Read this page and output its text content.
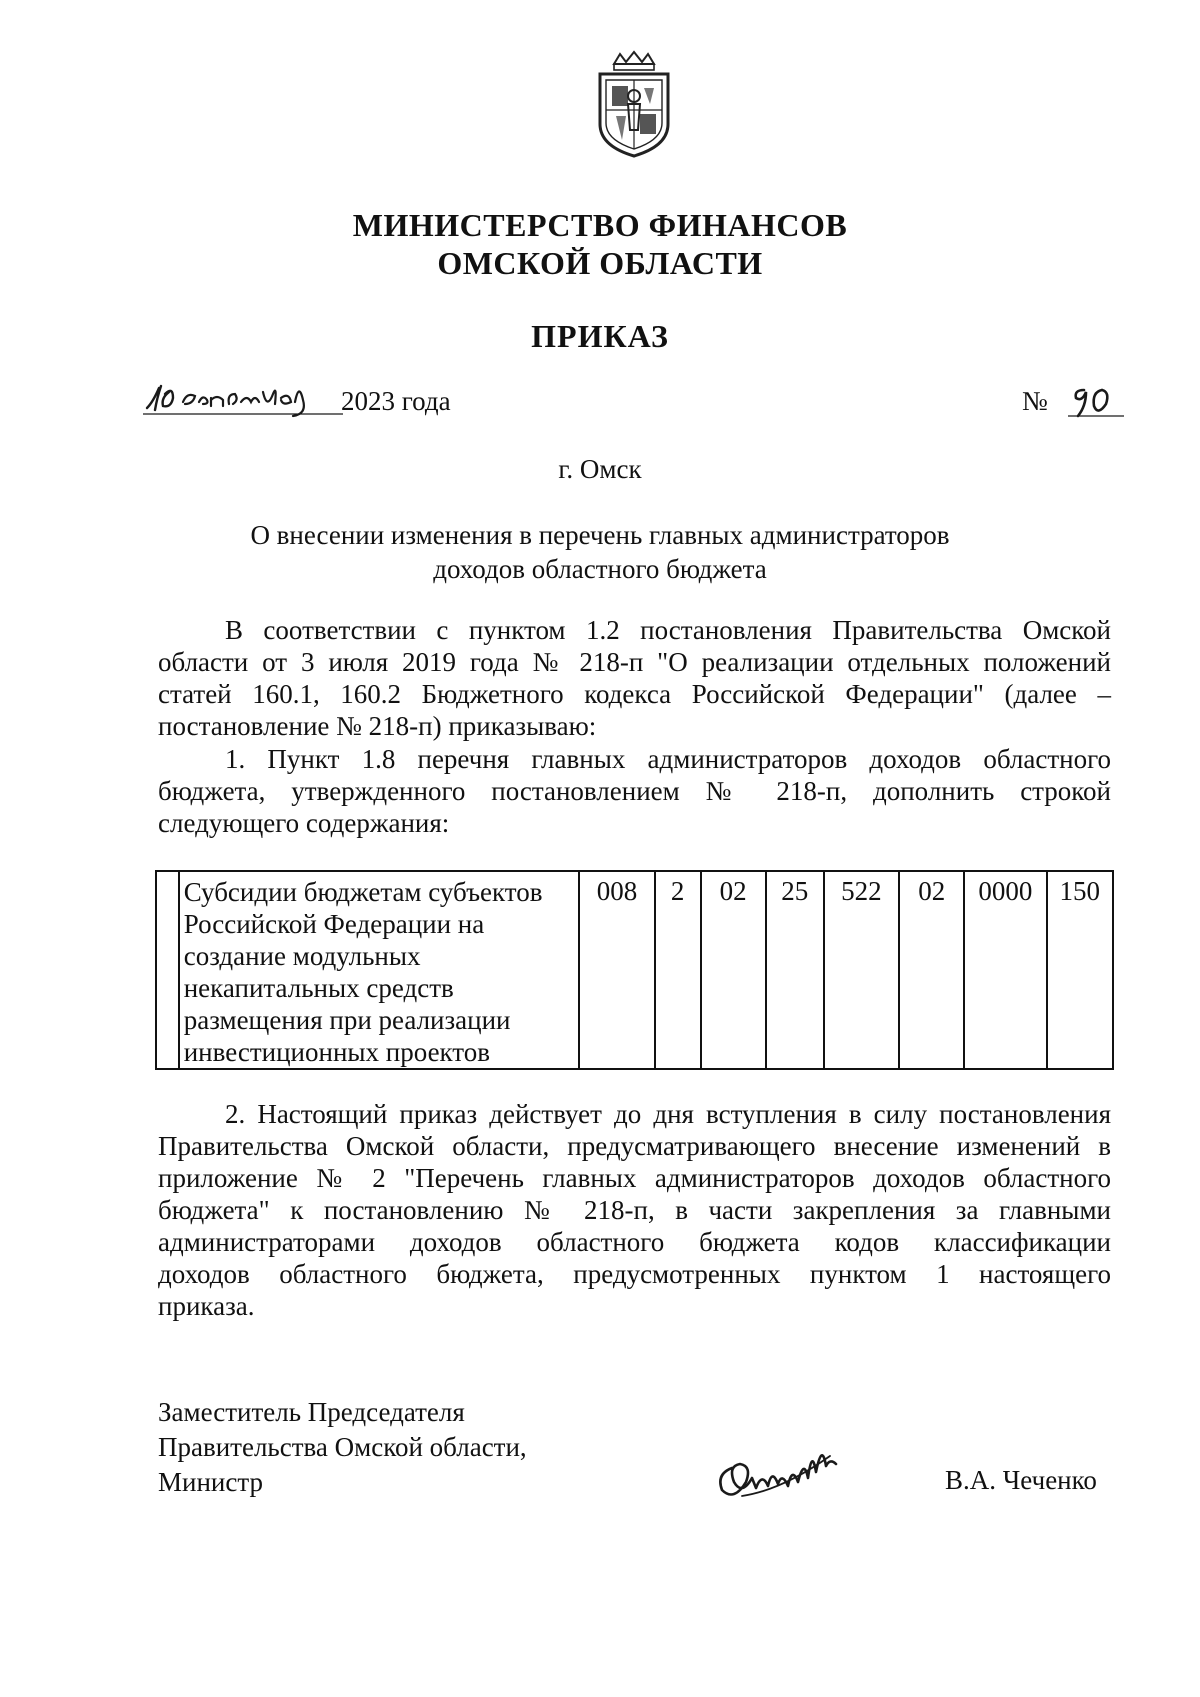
МИНИСТЕРСТВО ФИНАНСОВ
ОМСКОЙ ОБЛАСТИ
ПРИКАЗ
2023 года	№
г. Омск
О внесении изменения в перечень главных администраторов
доходов областного бюджета
В соответствии с пунктом 1.2 постановления Правительства Омской
области от 3 июля 2019 года № 218-п "О реализации отдельных положений
статей 160.1, 160.2 Бюджетного кодекса Российской Федерации" (далее –
постановление № 218-п) приказываю:
1. Пункт 1.8 перечня главных администраторов доходов областного
бюджета, утвержденного постановлением № 218-п, дополнить строкой
следующего содержания:

Субсидии бюджетам субъектов
Российской Федерации на
создание модульных
некапитальных средств
размещения при реализации
инвестиционных проектов
	008	2	02	25	522	02	0000	150
2. Настоящий приказ действует до дня вступления в силу постановления
Правительства Омской области, предусматривающего внесение изменений в
приложение № 2 "Перечень главных администраторов доходов областного
бюджета" к постановлению № 218-п, в части закрепления за главными
администраторами доходов областного бюджета кодов классификации
доходов областного бюджета, предусмотренных пунктом 1 настоящего
приказа.
Заместитель Председателя
Правительства Омской области,
Министр	В.А. Чеченко
